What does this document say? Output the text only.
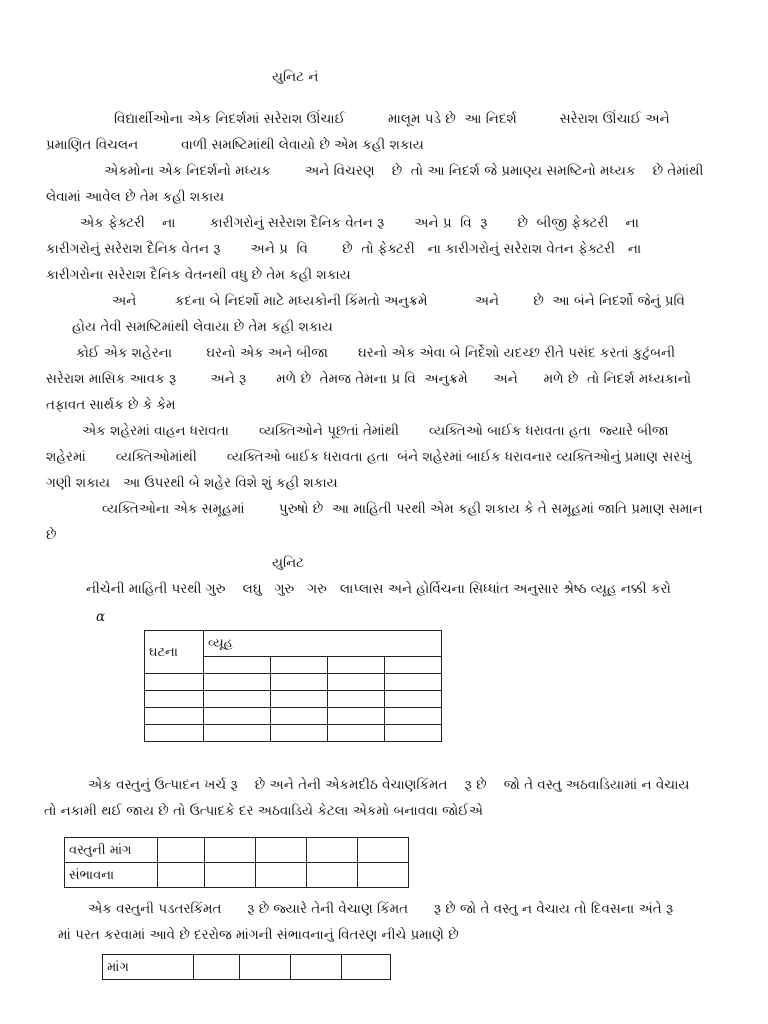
યુનિટ નં
વિદ્યાર્થીઓના એક નિદર્શમાં સરેરાશ ઊંચાઈ          માલૂમ પડે છે  આ નિદર્શ          સરેરાશ ઊંચાઈ અને
પ્રમાણિત વિચલન          વાળી સમષ્ટિમાંથી લેવાયો છે એમ કહી શકાય
એકમોના એક નિદર્શનો મધ્યક        અને વિચરણ    છે  તો આ નિદર્શ જે પ્રમાણ્ય સમષ્ટિનો મધ્યક    છે તેમાંથી
લેવામાં આવેલ છે તેમ કહી શકાય
એક ફેક્ટરી    ના        કારીગરોનું સરેરાશ દૈનિક વેતન રૂ       અને પ્ર  વિ  રૂ       છે  બીજી ફેક્ટરી    ના
કારીગરોનું સરેરાશ દૈનિક વેતન રૂ       અને પ્ર  વિ        છે  તો ફેક્ટરી   ના કારીગરોનું સરેરાશ વેતન ફેક્ટરી   ના
કારીગરોના સરેરાશ દૈનિક વેતનથી વધુ છે તેમ કહી શકાય
અને         કદના બે નિદર્શો માટે મધ્યકોની કિંમતો અનુક્રમે           અને        છે  આ બંને નિદર્શો જેનું પ્રવિ
હોય તેવી સમષ્ટિમાંથી લેવાયા છે તેમ કહી શકાય
કોઈ એક શહેરના        ઘરનો એક અને બીજા       ઘરનો એક એવા બે નિર્દેશો યદચ્છ રીતે પસંદ કરતાં કુટુંબની
સરેરાશ માસિક આવક રૂ        અને રૂ       મળે છે  તેમજ તેમના પ્ર વિ  અનુક્રમે      અને      મળે છે  તો નિદર્શ મધ્યકાનો
તફાવત સાર્થક છે કે કેમ
એક શહેરમાં વાહન ધરાવતા       વ્યક્તિઓને પૂછતાં તેમાંથી       વ્યક્તિઓ બાઈક ધરાવતા હતા  જ્યારે બીજા
શહેરમાં       વ્યક્તિઓમાંથી       વ્યક્તિઓ બાઈક ધરાવતા હતા  બંને શહેરમાં બાઈક ધરાવનાર વ્યક્તિઓનું પ્રમાણ સરખું
ગણી શકાય   આ ઉપરથી બે શહેર વિશે શું કહી શકાય
વ્યક્તિઓના એક સમૂહમાં        પુરુષો છે  આ માહિતી પરથી એમ કહી શકાય કે તે સમૂહમાં જાતિ પ્રમાણ સમાન
છે
યુનિટ
નીચેની માહિતી પરથી ગુરુ    લઘુ   ગુરુ   ગરુ   લાપ્લાસ અને હોર્વિચના સિધ્ધાંત અનુસાર શ્રેષ્ઠ વ્યૂહ નક્કી કરો
α
ઘટના	વ્યૂહ			

એક વસ્તુનું ઉત્પાદન ખર્ચ રૂ    છે અને તેની એકમદીઠ વેચાણકિંમત    રૂ છે    જો તે વસ્તુ અઠવાડિયામાં ન વેચાય
તો નકામી થઈ જાય છે તો ઉત્પાદકે દર અઠવાડિયે કેટલા એકમો બનાવવા જોઈએ
વસ્તુની માંગ					
સંભાવના					
એક વસ્તુની પડતરકિંમત      રૂ છે જ્યારે તેની વેચાણ કિંમત      રૂ છે જો તે વસ્તુ ન વેચાય તો દિવસના અંતે રૂ
માં પરત કરવામાં આવે છે દરરોજ માંગની સંભાવનાનું વિતરણ નીચે પ્રમાણે છે
માંગ				
